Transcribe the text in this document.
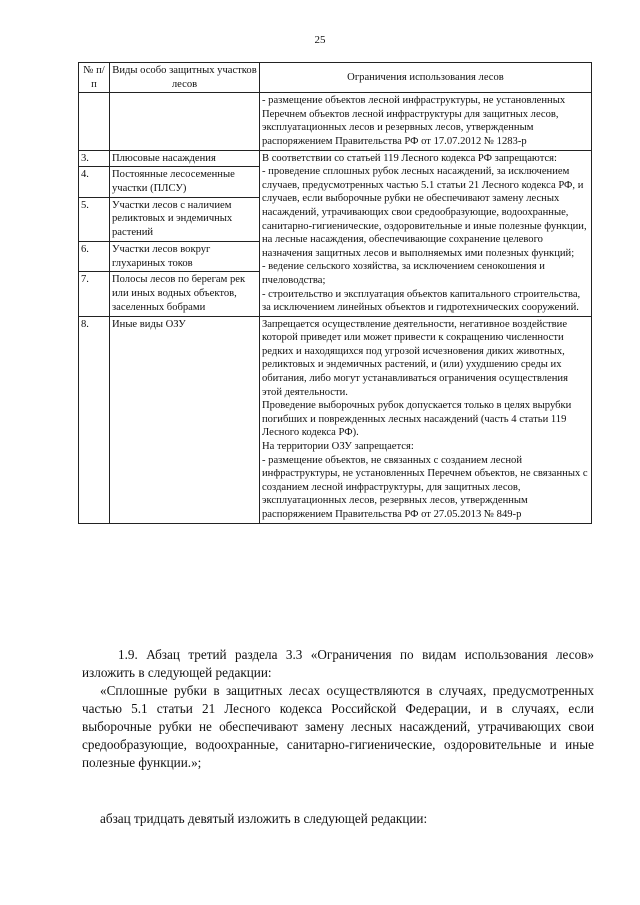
25
№ п/п	Виды особо защитных участков лесов	Ограничения использования лесов
		- размещение объектов лесной инфраструктуры, не установленных Перечнем объектов лесной инфраструктуры для защитных лесов, эксплуатационных лесов и резервных лесов, утвержденным распоряжением Правительства РФ от 17.07.2012 № 1283-р
3.	Плюсовые насаждения	В соответствии со статьей 119 Лесного кодекса РФ запрещаются:
- проведение сплошных рубок лесных насаждений, за исключением случаев, предусмотренных частью 5.1 статьи 21 Лесного кодекса РФ, и случаев, если выборочные рубки не обеспечивают замену лесных насаждений, утрачивающих свои средообразующие, водоохранные, санитарно-гигиенические, оздоровительные и иные полезные функции, на лесные насаждения, обеспечивающие сохранение целевого назначения защитных лесов и выполняемых ими полезных функций;
- ведение сельского хозяйства, за исключением сенокошения и пчеловодства;
- строительство и эксплуатация объектов капитального строительства, за исключением линейных объектов и гидротехнических сооружений.

4.	Постоянные лесосеменные участки (ПЛСУ)	
5.	Участки лесов с наличием реликтовых и эндемичных растений	
6.	Участки лесов вокруг глухариных токов	
7.	Полосы лесов по берегам рек или иных водных объектов, заселенных бобрами	
8.	Иные виды ОЗУ	Запрещается осуществление деятельности, негативное воздействие которой приведет или может привести к сокращению численности редких и находящихся под угрозой исчезновения диких животных, реликтовых и эндемичных растений, и (или) ухудшению среды их обитания, либо могут устанавливаться ограничения осуществления этой деятельности.
Проведение выборочных рубок допускается только в целях вырубки погибших и поврежденных лесных насаждений (часть 4 статьи 119 Лесного кодекса РФ).
На территории ОЗУ запрещается:
- размещение объектов, не связанных с созданием лесной инфраструктуры, не установленных Перечнем объектов, не связанных с созданием лесной инфраструктуры, для защитных лесов, эксплуатационных лесов, резервных лесов, утвержденным распоряжением Правительства РФ от 27.05.2013 № 849-р
1.9. Абзац третий раздела 3.3 «Ограничения по видам использования лесов» изложить в следующей редакции:
«Сплошные рубки в защитных лесах осуществляются в случаях, предусмотренных частью 5.1 статьи 21 Лесного кодекса Российской Федерации, и в случаях, если выборочные рубки не обеспечивают замену лесных насаждений, утрачивающих свои средообразующие, водоохранные, санитарно-гигиенические, оздоровительные и иные полезные функции.»;
абзац тридцать девятый изложить в следующей редакции:
